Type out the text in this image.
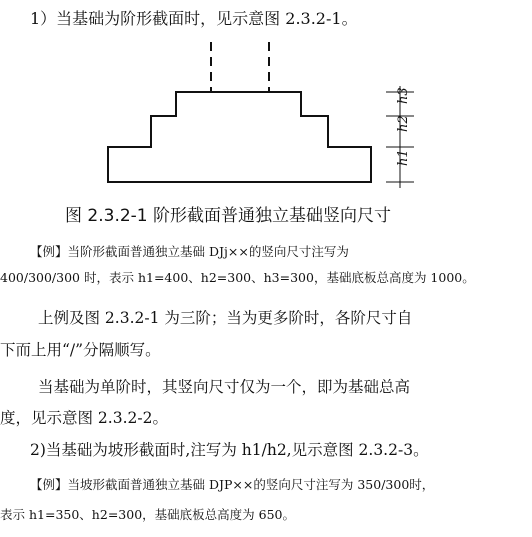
1）当基础为阶形截面时，见示意图 2.3.2-1。
h3
h2
h1
图 2.3.2-1 阶形截面普通独立基础竖向尺寸
【例】当阶形截面普通独立基础 DJj××的竖向尺寸注写为
400/300/300 时，表示 h1=400、h2=300、h3=300，基础底板总高度为 1000。
上例及图 2.3.2-1 为三阶；当为更多阶时，各阶尺寸自
下而上用“/”分隔顺写。
当基础为单阶时，其竖向尺寸仅为一个，即为基础总高
度，见示意图 2.3.2-2。
2)当基础为坡形截面时,注写为 h1/h2,见示意图 2.3.2-3。
【例】当坡形截面普通独立基础 DJP××的竖向尺寸注写为 350/300时，
表示 h1=350、h2=300，基础底板总高度为 650。
